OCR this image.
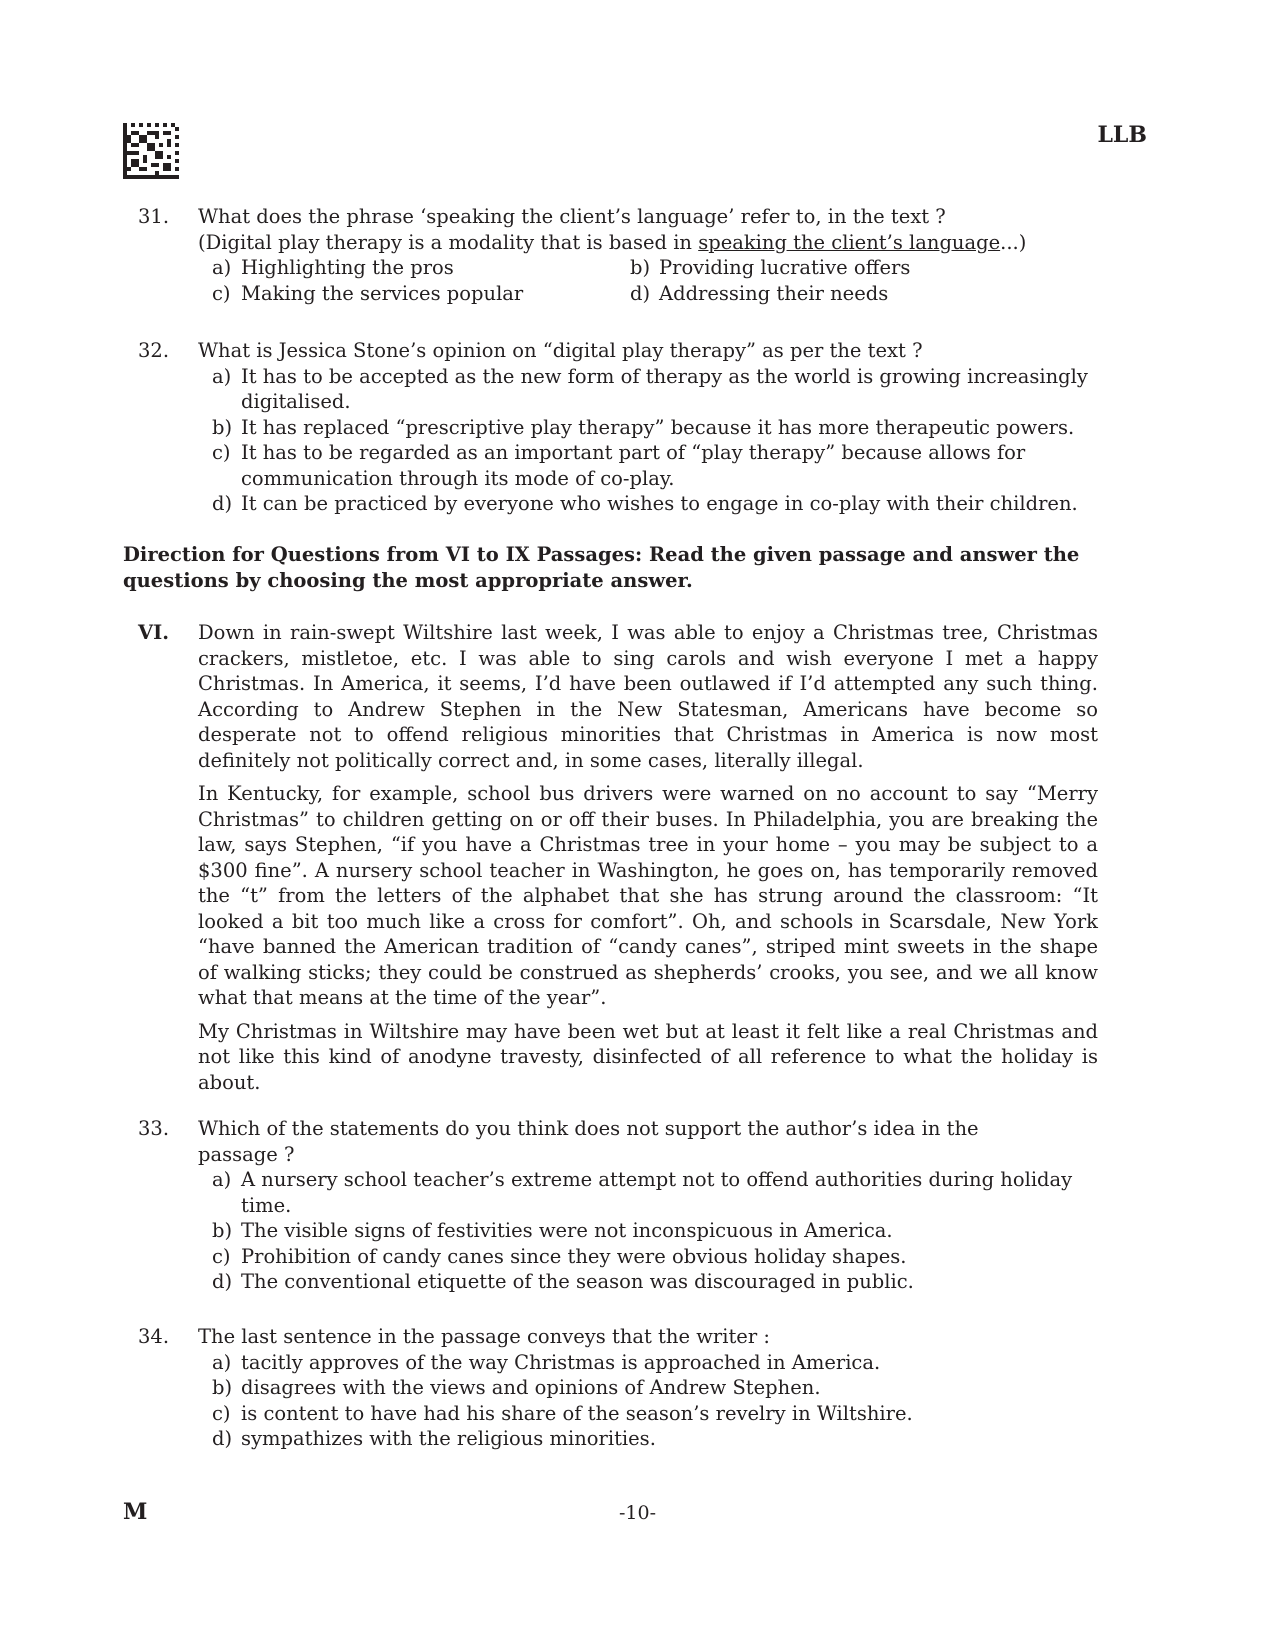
LLB
31. What does the phrase ‘speaking the client’s language’ refer to, in the text ?
(Digital play therapy is a modality that is based in speaking the client’s language...)
a) Highlighting the pros	b) Providing lucrative offers
c) Making the services popular	d) Addressing their needs
32. What is Jessica Stone’s opinion on “digital play therapy” as per the text ?
a) It has to be accepted as the new form of therapy as the world is growing increasingly digitalised.
b) It has replaced “prescriptive play therapy” because it has more therapeutic powers.
c) It has to be regarded as an important part of “play therapy” because allows for communication through its mode of co-play.
d) It can be practiced by everyone who wishes to engage in co-play with their children.
Direction for Questions from VI to IX Passages: Read the given passage and answer the questions by choosing the most appropriate answer.
VI. Down in rain-swept Wiltshire last week, I was able to enjoy a Christmas tree, Christmas crackers, mistletoe, etc. I was able to sing carols and wish everyone I met a happy Christmas. In America, it seems, I’d have been outlawed if I’d attempted any such thing. According to Andrew Stephen in the New Statesman, Americans have become so desperate not to offend religious minorities that Christmas in America is now most definitely not politically correct and, in some cases, literally illegal.

In Kentucky, for example, school bus drivers were warned on no account to say “Merry Christmas” to children getting on or off their buses. In Philadelphia, you are breaking the law, says Stephen, “if you have a Christmas tree in your home – you may be subject to a $300 fine”. A nursery school teacher in Washington, he goes on, has temporarily removed the “t” from the letters of the alphabet that she has strung around the classroom: “It looked a bit too much like a cross for comfort”. Oh, and schools in Scarsdale, New York “have banned the American tradition of “candy canes”, striped mint sweets in the shape of walking sticks; they could be construed as shepherds’ crooks, you see, and we all know what that means at the time of the year”.

My Christmas in Wiltshire may have been wet but at least it felt like a real Christmas and not like this kind of anodyne travesty, disinfected of all reference to what the holiday is about.

33. Which of the statements do you think does not support the author’s idea in the passage ?
a) A nursery school teacher’s extreme attempt not to offend authorities during holiday time.
b) The visible signs of festivities were not inconspicuous in America.
c) Prohibition of candy canes since they were obvious holiday shapes.
d) The conventional etiquette of the season was discouraged in public.
34. The last sentence in the passage conveys that the writer :
a) tacitly approves of the way Christmas is approached in America.
b) disagrees with the views and opinions of Andrew Stephen.
c) is content to have had his share of the season’s revelry in Wiltshire.
d) sympathizes with the religious minorities.
M	-10-
